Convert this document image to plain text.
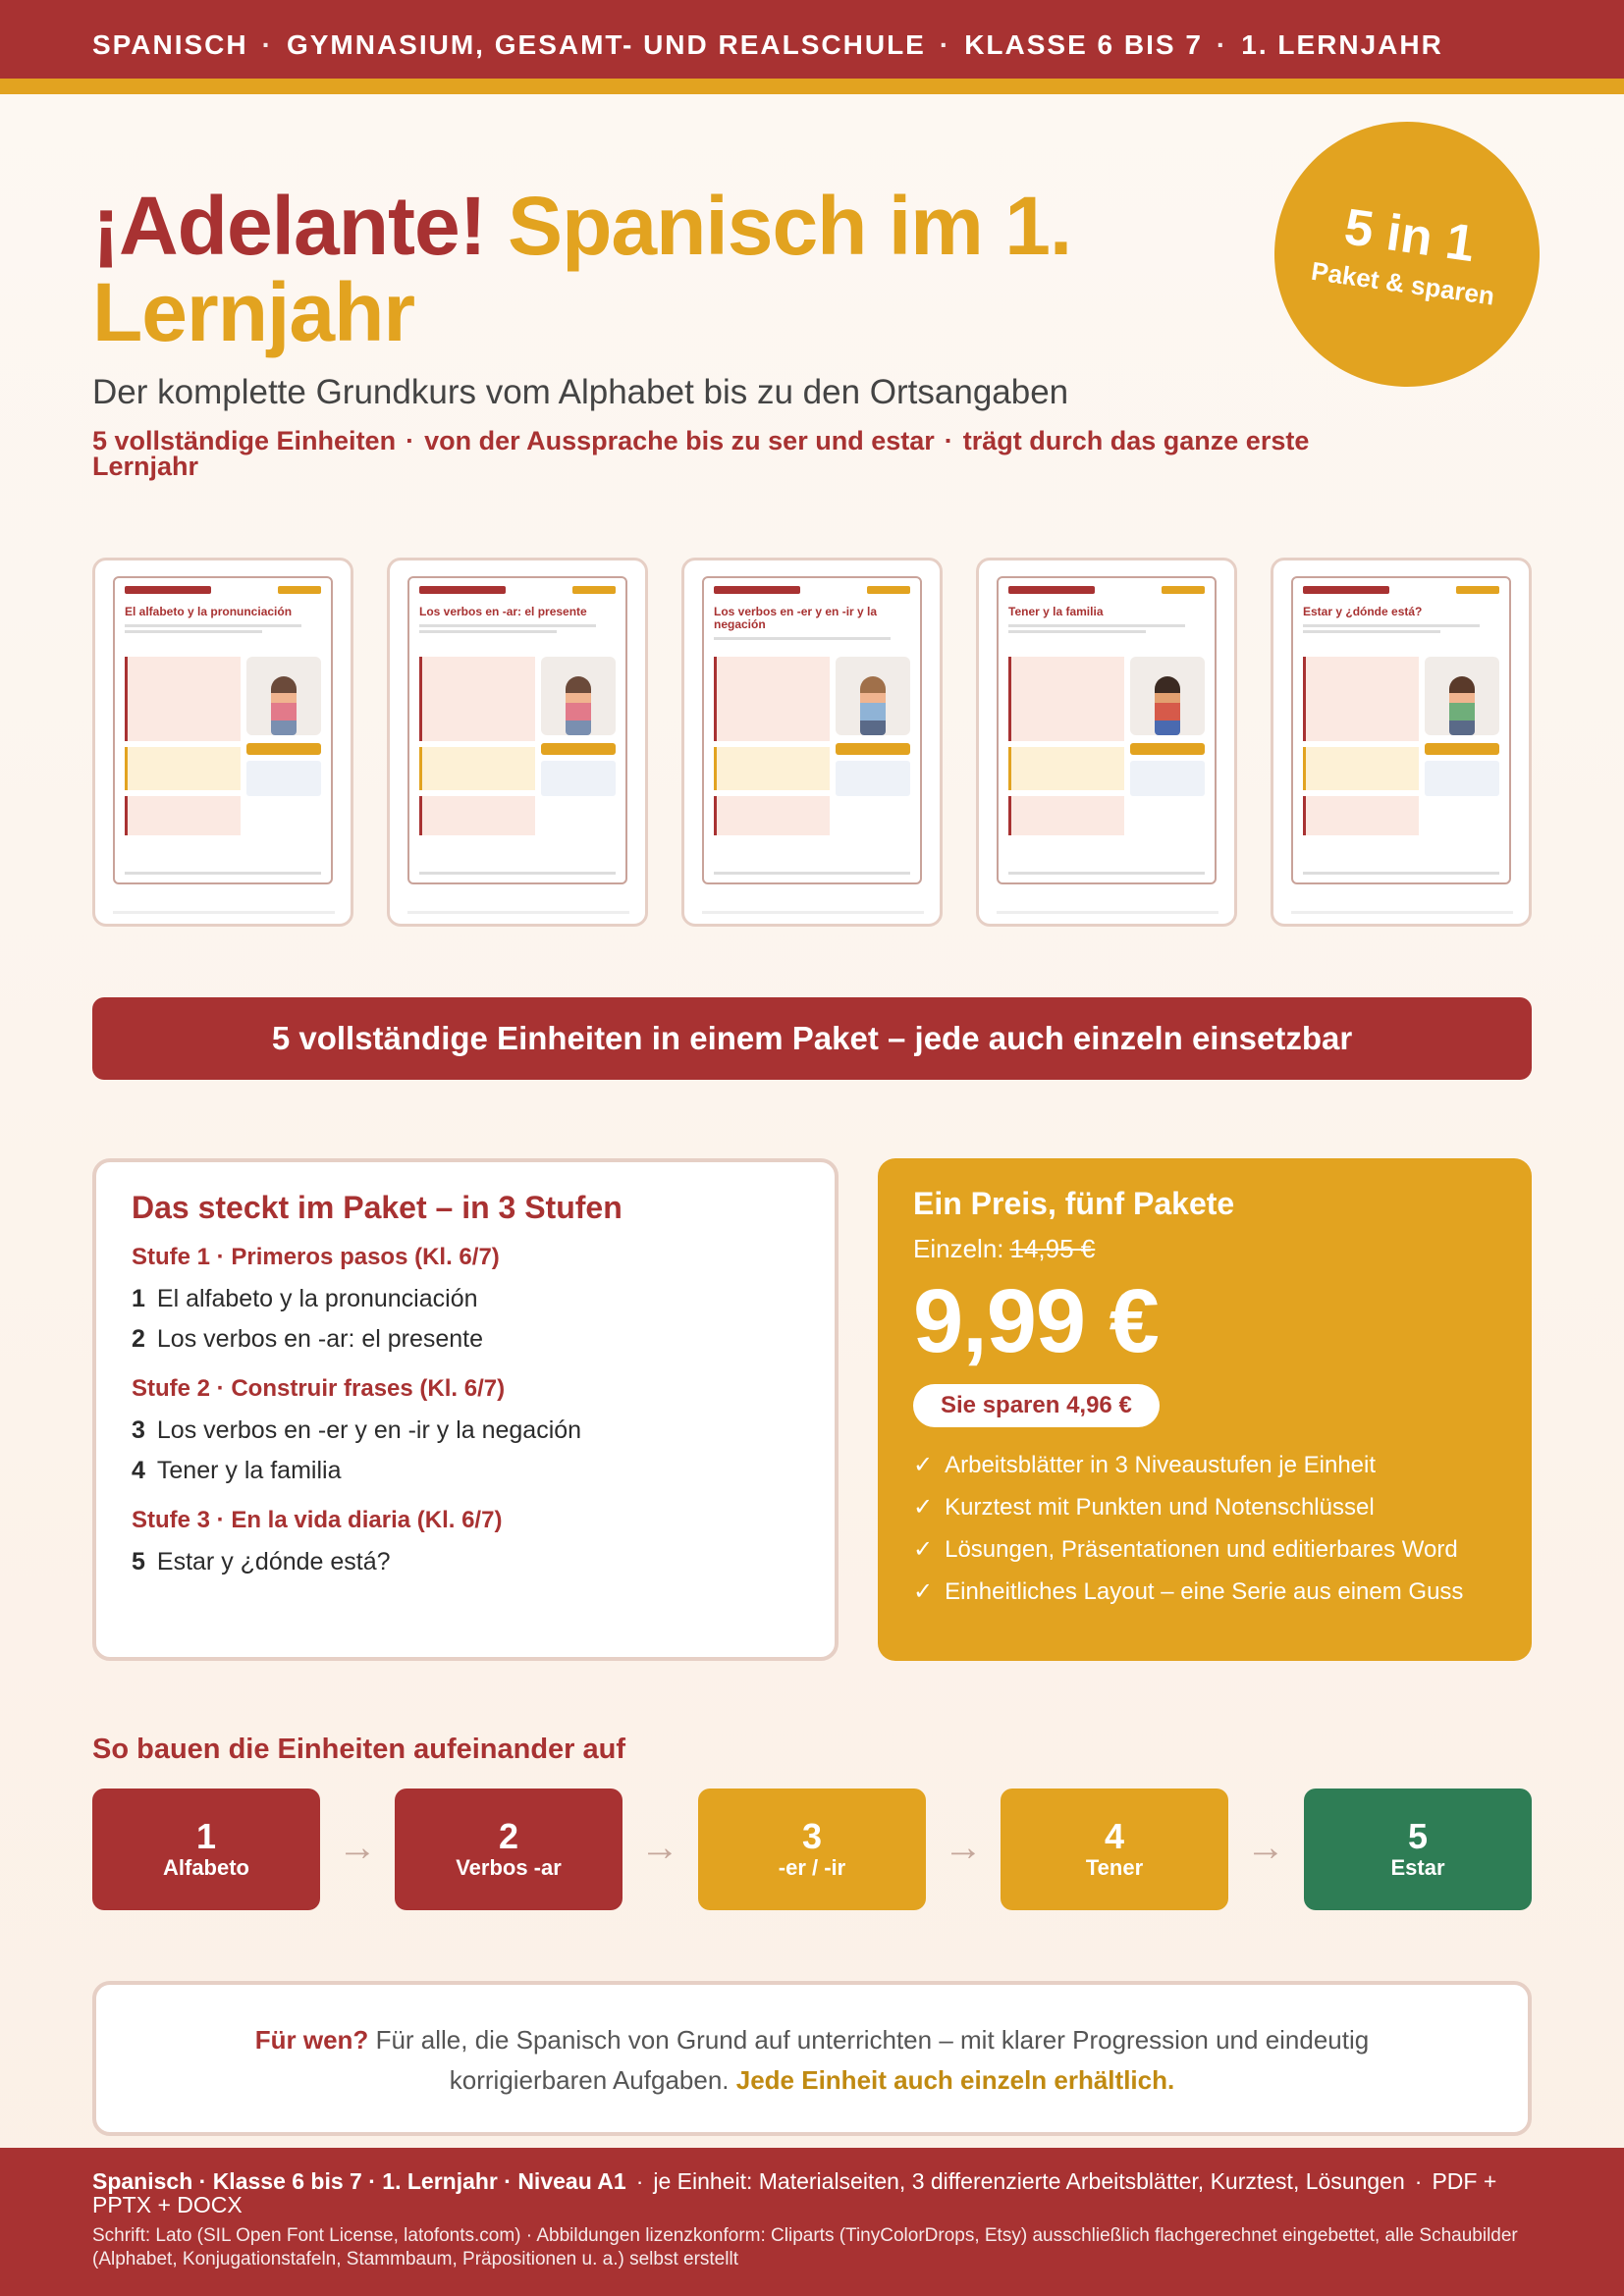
SPANISCH · GYMNASIUM, GESAMT- UND REALSCHULE · KLASSE 6 BIS 7 · 1. LERNJAHR
5 in 1
Paket & sparen
¡Adelante! Spanisch im 1. Lernjahr
Der komplette Grundkurs vom Alphabet bis zu den Ortsangaben
5 vollständige Einheiten · von der Aussprache bis zu ser und estar · trägt durch das ganze erste Lernjahr
El alfabeto y la pronunciación	Los verbos en -ar: el presente	Los verbos en -er y en -ir y la negación
Tener y la familia	Estar y ¿dónde está?
5 vollständige Einheiten in einem Paket – jede auch einzeln einsetzbar
Das steckt im Paket – in 3 Stufen
Stufe 1 · Primeros pasos (Kl. 6/7)
1 El alfabeto y la pronunciación
2 Los verbos en -ar: el presente
Stufe 2 · Construir frases (Kl. 6/7)
3 Los verbos en -er y en -ir y la negación
4 Tener y la familia
Stufe 3 · En la vida diaria (Kl. 6/7)
5 Estar y ¿dónde está?
Ein Preis, fünf Pakete
Einzeln: 14,95 €
9,99 €
Sie sparen 4,96 €
✓ Arbeitsblätter in 3 Niveaustufen je Einheit
✓ Kurztest mit Punkten und Notenschlüssel
✓ Lösungen, Präsentationen und editierbares Word
✓ Einheitliches Layout – eine Serie aus einem Guss
So bauen die Einheiten aufeinander auf
1
Alfabeto	→	2
Verbos -ar	→	3
-er / -ir	→	4
Tener	→	5
Estar
Für wen? Für alle, die Spanisch von Grund auf unterrichten – mit klarer Progression und eindeutig korrigierbaren Aufgaben. Jede Einheit auch einzeln erhältlich.
Spanisch · Klasse 6 bis 7 · 1. Lernjahr · Niveau A1 · je Einheit: Materialseiten, 3 differenzierte Arbeitsblätter, Kurztest, Lösungen · PDF + PPTX + DOCX
Schrift: Lato (SIL Open Font License, latofonts.com) · Abbildungen lizenzkonform: Cliparts (TinyColorDrops, Etsy) ausschließlich flachgerechnet eingebettet, alle Schaubilder (Alphabet, Konjugationstafeln, Stammbaum, Präpositionen u. a.) selbst erstellt
